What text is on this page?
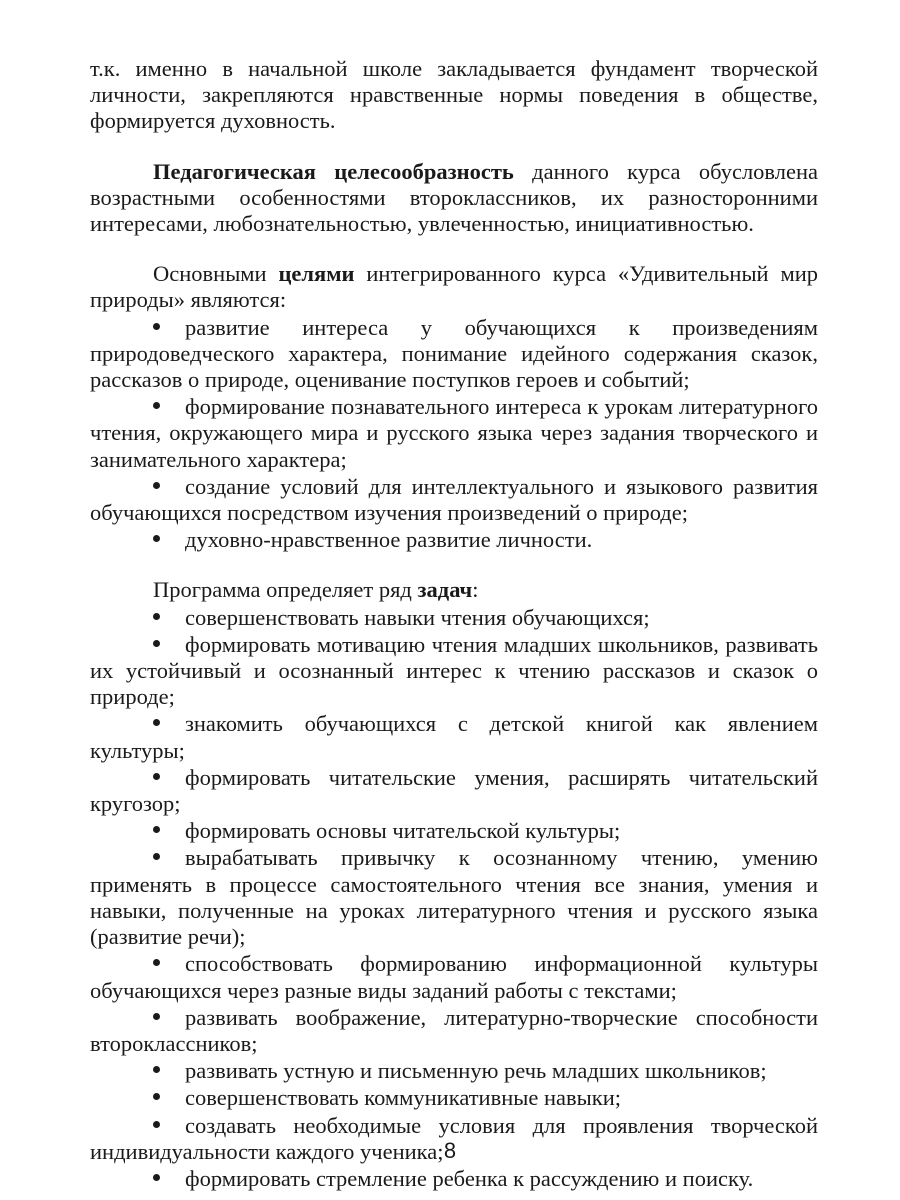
т.к. именно в начальной школе закладывается фундамент творческой личности, закрепляются нравственные нормы поведения в обществе, формируется духовность.

Педагогическая целесообразность данного курса обусловлена возрастными особенностями второклассников, их разносторонними интересами, любознательностью, увлеченностью, инициативностью.

Основными целями интегрированного курса «Удивительный мир природы» являются:

развитие интереса у обучающихся к произведениям природоведческого характера, понимание идейного содержания сказок, рассказов о природе, оценивание поступков героев и событий;

формирование познавательного интереса к урокам литературного чтения, окружающего мира и русского языка через задания творческого и занимательного характера;

создание условий для интеллектуального и языкового развития обучающихся посредством изучения произведений о природе;

духовно-нравственное развитие личности.

Программа определяет ряд задач:

совершенствовать навыки чтения обучающихся;

формировать мотивацию чтения младших школьников, развивать их устойчивый и осознанный интерес к чтению рассказов и сказок о природе;

знакомить обучающихся с детской книгой как явлением культуры;

формировать читательские умения, расширять читательский кругозор;

формировать основы читательской культуры;

вырабатывать привычку к осознанному чтению, умению применять в процессе самостоятельного чтения все знания, умения и навыки, полученные на уроках литературного чтения и русского языка (развитие речи);

способствовать формированию информационной культуры обучающихся через разные виды заданий работы с текстами;

развивать воображение, литературно-творческие способности второклассников;

развивать устную и письменную речь младших школьников;

совершенствовать коммуникативные навыки;

создавать необходимые условия для проявления творческой индивидуальности каждого ученика;

формировать стремление ребенка к рассуждению и поиску.

8
